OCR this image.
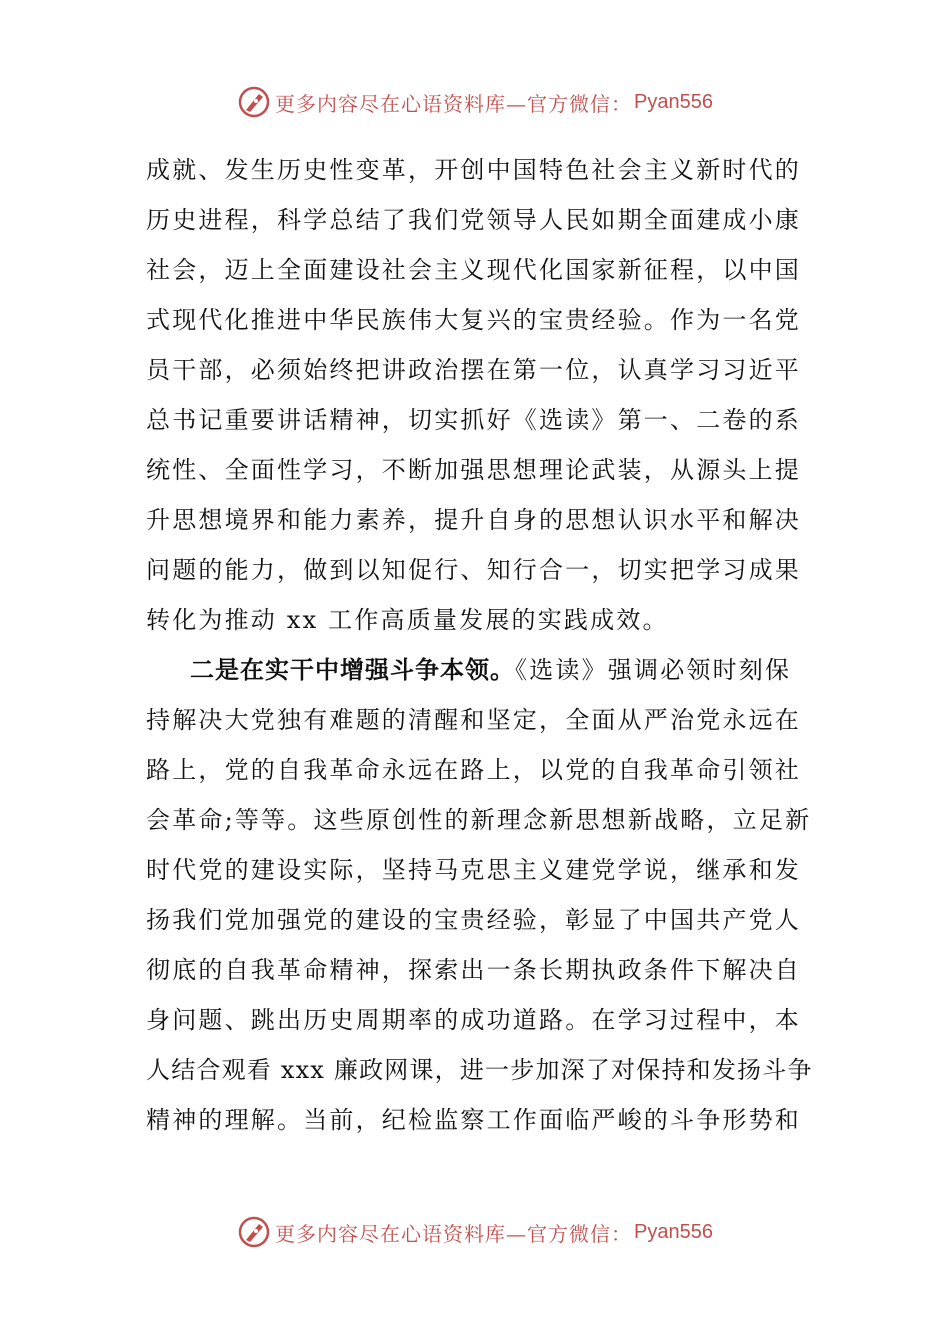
更多内容尽在心语资料库—官方微信： Pyan556
成就、发生历史性变革，开创中国特色社会主义新时代的
历史进程，科学总结了我们党领导人民如期全面建成小康
社会，迈上全面建设社会主义现代化国家新征程，以中国
式现代化推进中华民族伟大复兴的宝贵经验。作为一名党
员干部，必须始终把讲政治摆在第一位，认真学习习近平
总书记重要讲话精神，切实抓好《选读》第一、二卷的系
统性、全面性学习，不断加强思想理论武装，从源头上提
升思想境界和能力素养，提升自身的思想认识水平和解决
问题的能力，做到以知促行、知行合一，切实把学习成果
转化为推动 xx 工作高质量发展的实践成效。
二是在实干中增强斗争本领。《选读》强调必领时刻保
持解决大党独有难题的清醒和坚定，全面从严治党永远在
路上，党的自我革命永远在路上，以党的自我革命引领社
会革命;等等。这些原创性的新理念新思想新战略，立足新
时代党的建设实际，坚持马克思主义建党学说，继承和发
扬我们党加强党的建设的宝贵经验，彰显了中国共产党人
彻底的自我革命精神，探索出一条长期执政条件下解决自
身问题、跳出历史周期率的成功道路。在学习过程中，本
人结合观看 xxx 廉政网课，进一步加深了对保持和发扬斗争
精神的理解。当前，纪检监察工作面临严峻的斗争形势和
更多内容尽在心语资料库—官方微信： Pyan556
